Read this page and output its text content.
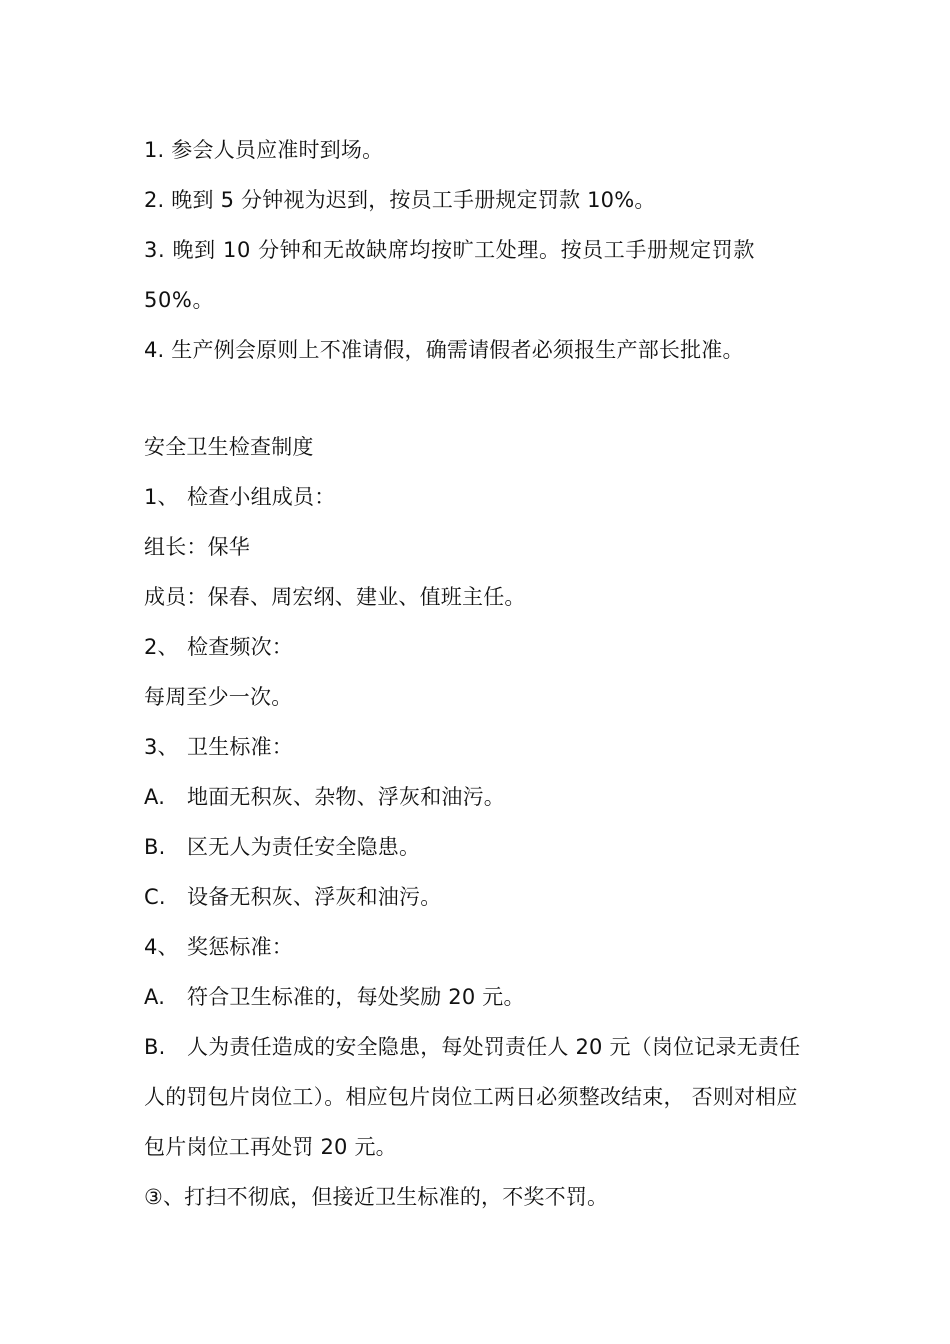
1. 参会人员应准时到场。

2. 晚到 5 分钟视为迟到，按员工手册规定罚款 10%。

3. 晚到 10 分钟和无故缺席均按旷工处理。按员工手册规定罚款 50%。

4. 生产例会原则上不准请假，确需请假者必须报生产部长批准。

安全卫生检查制度

1、 检查小组成员：

组长：保华

成员：保春、周宏纲、建业、值班主任。

2、 检查频次：

每周至少一次。

3、 卫生标准：

A.	地面无积灰、杂物、浮灰和油污。

B.	区无人为责任安全隐患。

C.	设备无积灰、浮灰和油污。

4、 奖惩标准：

A.	符合卫生标准的，每处奖励 20 元。

B. 人为责任造成的安全隐患，每处罚责任人 20 元（岗位记录无责任人的罚包片岗位工）。相应包片岗位工两日必须整改结束， 否则对相应包片岗位工再处罚 20 元。

③、打扫不彻底，但接近卫生标准的，不奖不罚。
